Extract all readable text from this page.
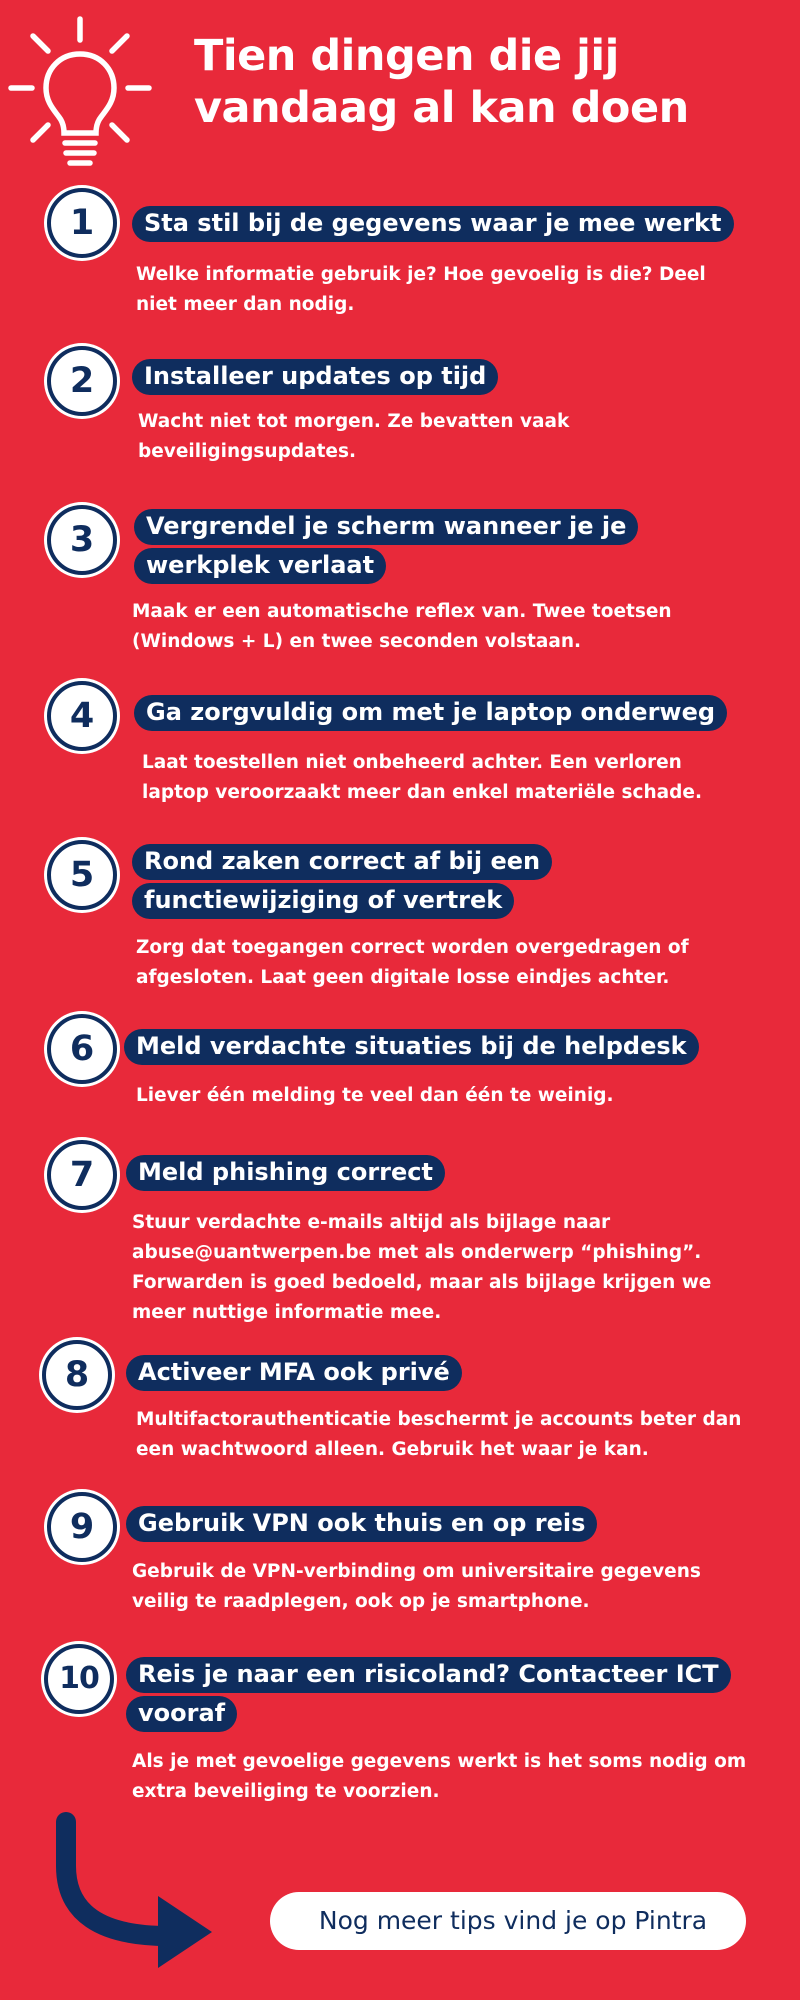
Tien dingen die jij vandaag al kan doen
1	Sta stil bij de gegevens waar je mee werkt

Welke informatie gebruik je? Hoe gevoelig is die? Deel niet meer dan nodig.

2	Installeer updates op tijd

Wacht niet tot morgen. Ze bevatten vaak beveiligingsupdates.

3	Vergrendel je scherm wanneer je je werkplek verlaat

Maak er een automatische reflex van. Twee toetsen (Windows + L) en twee seconden volstaan.

4	Ga zorgvuldig om met je laptop onderweg

Laat toestellen niet onbeheerd achter. Een verloren laptop veroorzaakt meer dan enkel materiële schade.

5	Rond zaken correct af bij een functiewijziging of vertrek

Zorg dat toegangen correct worden overgedragen of afgesloten. Laat geen digitale losse eindjes achter.

6	Meld verdachte situaties bij de helpdesk

Liever één melding te veel dan één te weinig.

7	Meld phishing correct

Stuur verdachte e-mails altijd als bijlage naar abuse@uantwerpen.be met als onderwerp “phishing”. Forwarden is goed bedoeld, maar als bijlage krijgen we meer nuttige informatie mee.

8	Activeer MFA ook privé

Multifactorauthenticatie beschermt je accounts beter dan een wachtwoord alleen. Gebruik het waar je kan.

9	Gebruik VPN ook thuis en op reis

Gebruik de VPN-verbinding om universitaire gegevens veilig te raadplegen, ook op je smartphone.

10	Reis je naar een risicoland? Contacteer ICT vooraf

Als je met gevoelige gegevens werkt is het soms nodig om extra beveiliging te voorzien.

Nog meer tips vind je op Pintra
